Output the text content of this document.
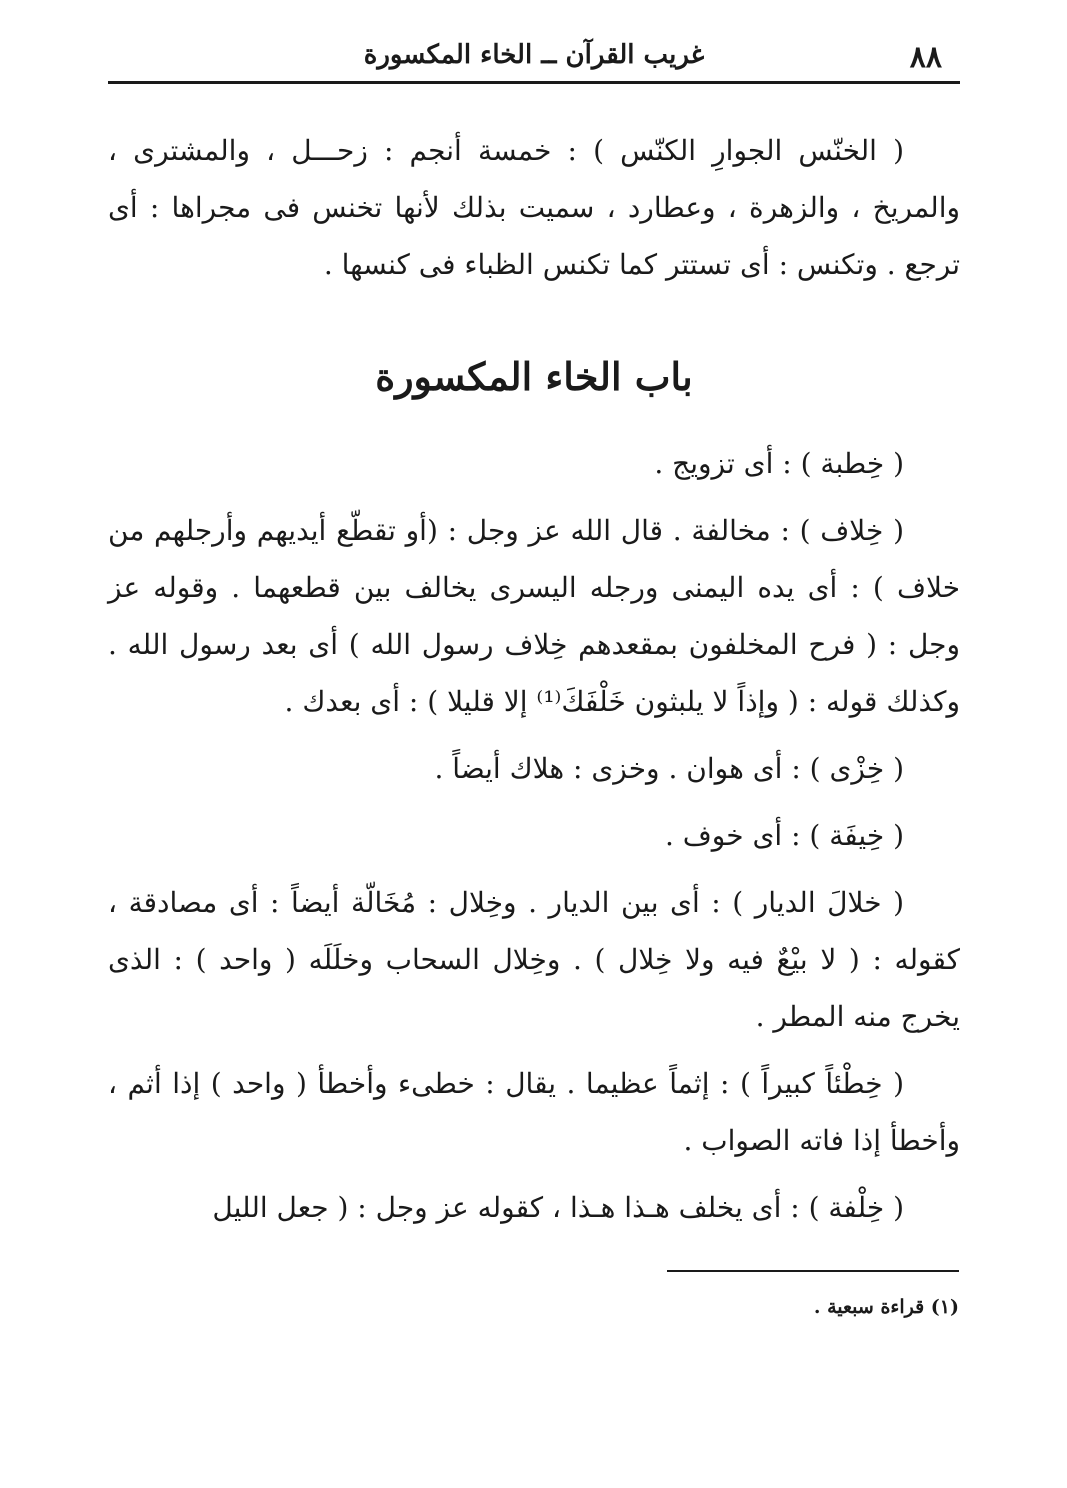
٨٨
غريب القرآن ــ الخاء المكسورة

( الخنّس الجوارِ الكنّس ) : خمسة أنجم : زحـــل ، والمشترى ، والمريخ ، والزهرة ، وعطارد ، سميت بذلك لأنها تخنس فى مجراها : أى ترجع . وتكنس : أى تستتر كما تكنس الظباء فى كنسها .

باب الخاء المكسورة

( خِطبة ) : أى تزويج .

( خِلاف ) : مخالفة . قال الله عز وجل : (أو تقطّع أيديهم وأرجلهم من خلاف ) : أى يده اليمنى ورجله اليسرى يخالف بين قطعهما . وقوله عز وجل : ( فرح المخلفون بمقعدهم خِلاف رسول الله ) أى بعد رسول الله . وكذلك قوله : ( وإذاً لا يلبثون خَلْفَكَ⁽¹⁾ إلا قليلا ) : أى بعدك .

( خِزْى ) : أى هوان . وخزى : هلاك أيضاً .

( خِيفَة ) : أى خوف .

( خلالَ الديار ) : أى بين الديار . وخِلال : مُخَالّة أيضاً : أى مصادقة ، كقوله : ( لا بيْعٌ فيه ولا خِلال ) . وخِلال السحاب وخلَلَه ( واحد ) : الذى يخرج منه المطر .

( خِطْئاً كبيراً ) : إثماً عظيما . يقال : خطىء وأخطأ ( واحد ) إذا أثم ، وأخطأ إذا فاته الصواب .

( خِلْفة ) : أى يخلف هـذا هـذا ، كقوله عز وجل : ( جعل الليل

(١) قراءة سبعية .
